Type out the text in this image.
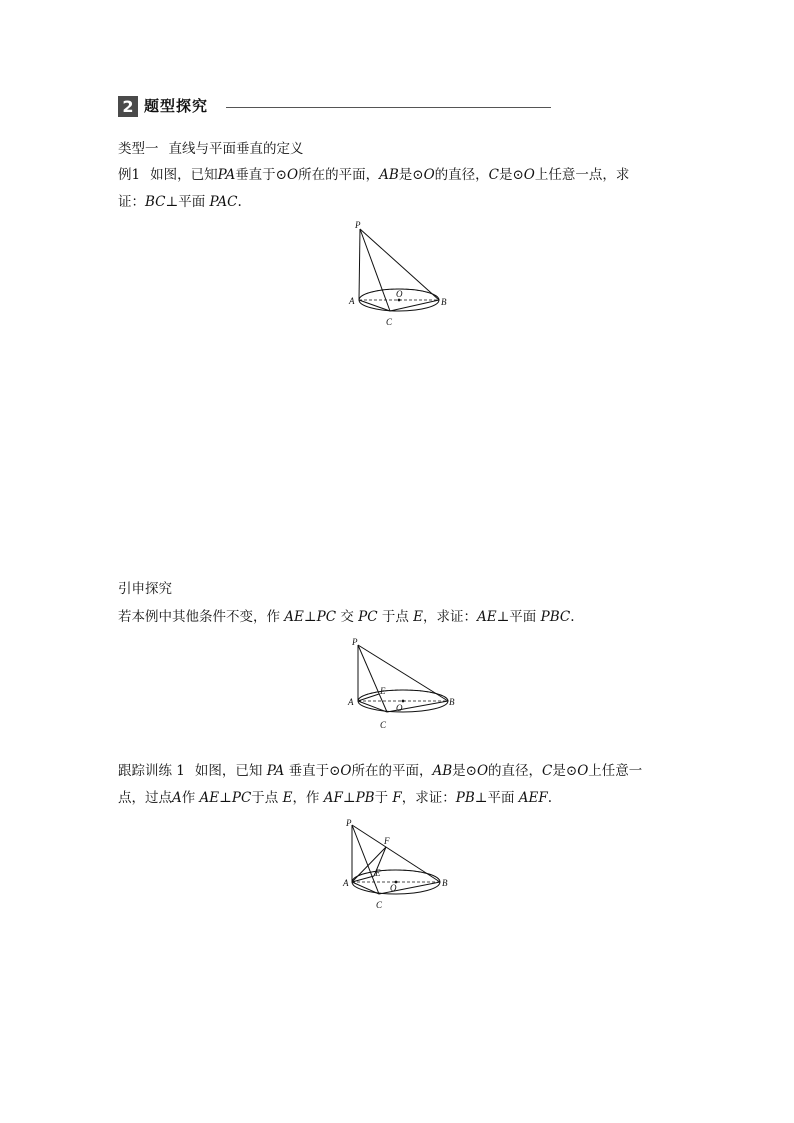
2 题型探究
类型一 直线与平面垂直的定义
例1 如图，已知PA垂直于⊙O所在的平面，AB是⊙O的直径，C是⊙O上任意一点，求
证：BC⊥平面 PAC.
P
A	B
O
C
引申探究
若本例中其他条件不变，作 AE⊥PC 交 PC 于点 E，求证：AE⊥平面 PBC.
P
A	B
O
C
E
跟踪训练 1 如图，已知 PA 垂直于⊙O所在的平面，AB是⊙O的直径，C是⊙O上任意一
点，过点A作 AE⊥PC于点 E，作 AF⊥PB于 F，求证：PB⊥平面 AEF.
P
A	B
O
C
E
F
